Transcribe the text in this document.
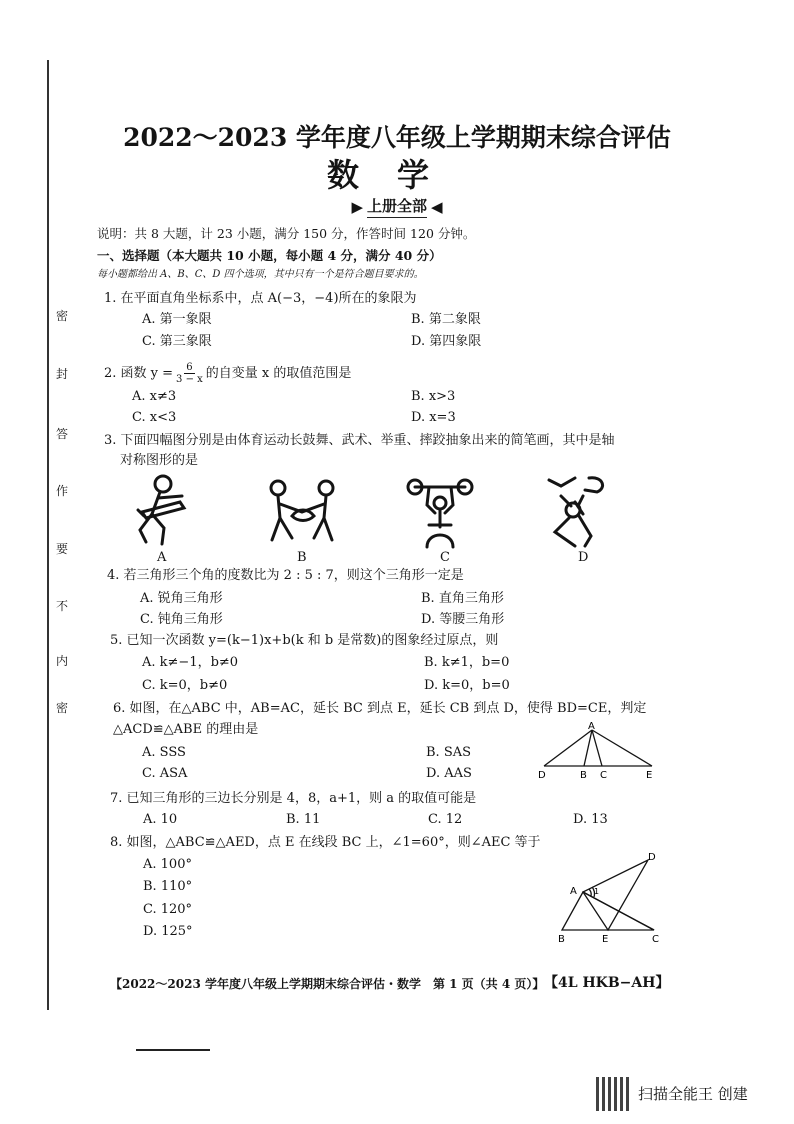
密
封
答
作
要
不
内
密
2022～2023 学年度八年级上学期期末综合评估
数学
▶ 上册全部 ◀
说明：共 8 大题，计 23 小题，满分 150 分，作答时间 120 分钟。
一、选择题（本大题共 10 小题，每小题 4 分，满分 40 分）
每小题都给出 A、B、C、D 四个选项，其中只有一个是符合题目要求的。
1. 在平面直角坐标系中，点 A(−3，−4)所在的象限为
A. 第一象限	B. 第二象限
C. 第三象限	D. 第四象限
2. 函数 $y = \frac{6}{3 - x}$ 的自变量 x 的取值范围是
A. x≠3	B. x>3
C. x<3	D. x=3
3. 下面四幅图分别是由体育运动长鼓舞、武术、举重、摔跤抽象出来的简笔画，其中是轴
对称图形的是
A	B	C	D
4. 若三角形三个角的度数比为 2 : 5 : 7，则这个三角形一定是
A. 锐角三角形	B. 直角三角形
C. 钝角三角形	D. 等腰三角形
5. 已知一次函数 y=(k−1)x+b(k 和 b 是常数)的图象经过原点，则
A. k≠−1，b≠0	B. k≠1，b=0
C. k=0，b≠0	D. k=0，b=0
6. 如图，在△ABC 中，AB=AC，延长 BC 到点 E，延长 CB 到点 D，使得 BD=CE，判定
△ACD≌△ABE 的理由是
A. SSS	B. SAS
C. ASA	D. AAS
A
D	B C	E
7. 已知三角形的三边长分别是 4，8，a+1，则 a 的取值可能是
A. 10	B. 11	C. 12	D. 13
8. 如图，△ABC≌△AED，点 E 在线段 BC 上，∠1=60°，则∠AEC 等于
A. 100°
B. 110°
C. 120°
D. 125°
D
A 1
B	E	C
【2022～2023 学年度八年级上学期期末综合评估・数学　第 1 页（共 4 页）】 【4L HKB−AH】
扫描全能王 创建
